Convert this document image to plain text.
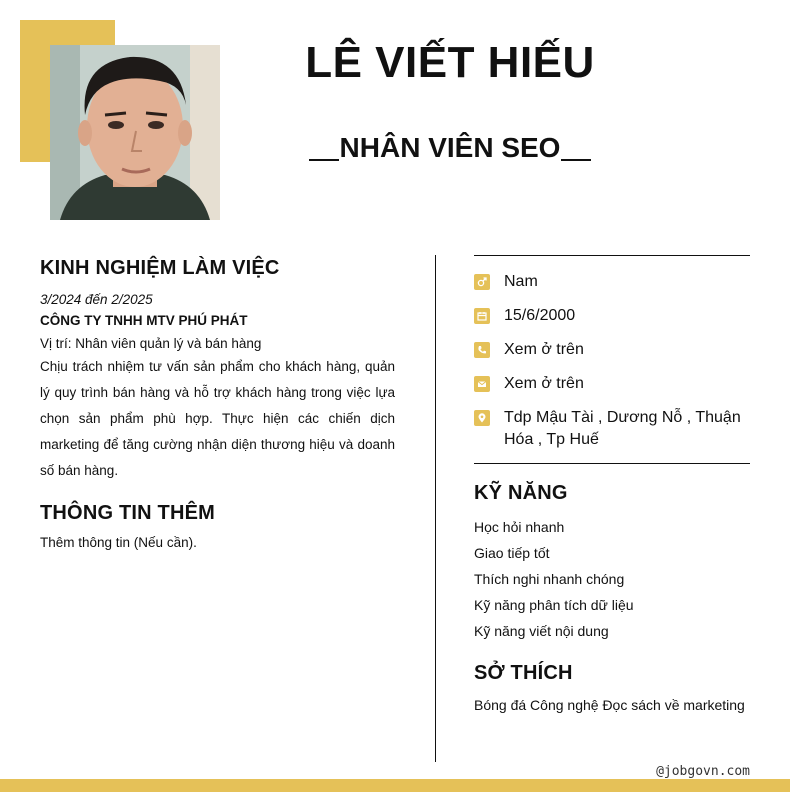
LÊ VIẾT HIẾU
NHÂN VIÊN SEO
KINH NGHIỆM LÀM VIỆC
3/2024 đến 2/2025
CÔNG TY TNHH MTV PHÚ PHÁT
Vị trí: Nhân viên quản lý và bán hàng
Chịu trách nhiệm tư vấn sản phẩm cho khách hàng, quản lý quy trình bán hàng và hỗ trợ khách hàng trong việc lựa chọn sản phẩm phù hợp. Thực hiện các chiến dịch marketing để tăng cường nhận diện thương hiệu và doanh số bán hàng.
THÔNG TIN THÊM
Thêm thông tin (Nếu cần).
Nam
15/6/2000
Xem ở trên
Xem ở trên
Tdp Mậu Tài , Dương Nỗ , Thuận Hóa , Tp Huế
KỸ NĂNG
Học hỏi nhanh
Giao tiếp tốt
Thích nghi nhanh chóng
Kỹ năng phân tích dữ liệu
Kỹ năng viết nội dung
SỞ THÍCH
Bóng đá Công nghệ Đọc sách về marketing
@jobgovn.com
